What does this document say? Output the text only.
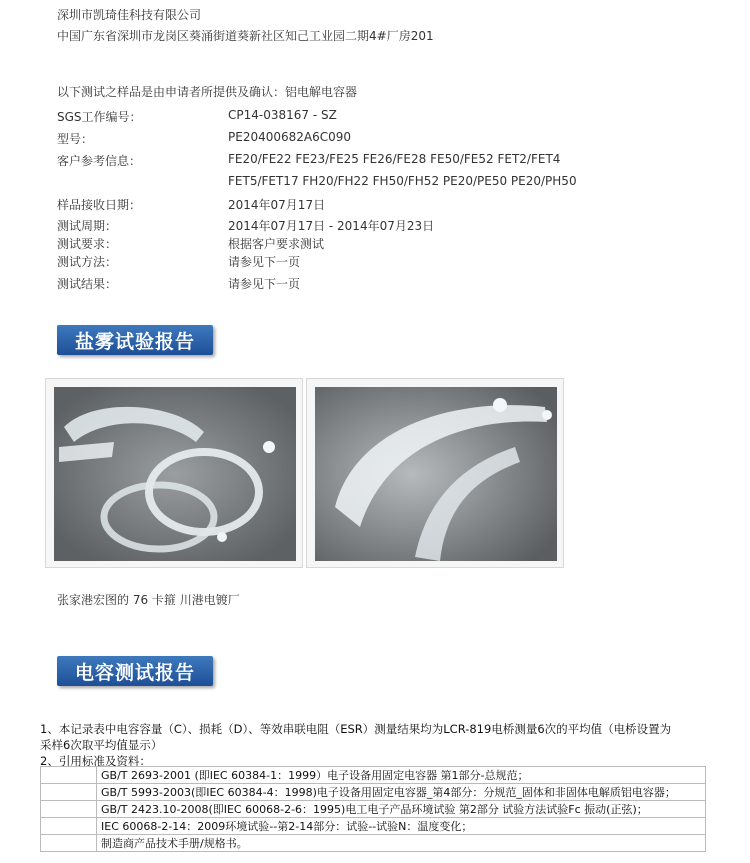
深圳市凯琦佳科技有限公司
中国广东省深圳市龙岗区葵涌街道葵新社区知己工业园二期4#厂房201
以下测试之样品是由申请者所提供及确认：铝电解电容器
SGS工作编号：	CP14-038167 - SZ
型号：	PE20400682A6C090
客户参考信息：	FE20/FE22 FE23/FE25 FE26/FE28 FE50/FE52 FET2/FET4
FET5/FET17 FH20/FH22 FH50/FH52 PE20/PE50 PE20/PH50
样品接收日期：	2014年07月17日
测试周期：	2014年07月17日 - 2014年07月23日
测试要求：	根据客户要求测试
测试方法：	请参见下一页
测试结果：	请参见下一页
盐雾试验报告
张家港宏图的 76 卡箍 川港电镀厂
电容测试报告
1、本记录表中电容容量（C）、损耗（D）、等效串联电阻（ESR）测量结果均为LCR-819电桥测量6次的平均值（电桥设置为
采样6次取平均值显示）
2、引用标准及资料：
	GB/T 2693-2001 (即IEC 60384-1：1999）电子设备用固定电容器 第1部分-总规范；
	GB/T 5993-2003(即IEC 60384-4：1998)电子设备用固定电容器_第4部分：分规范_固体和非固体电解质铝电容器；
	GB/T 2423.10-2008(即IEC 60068-2-6：1995)电工电子产品环境试验 第2部分 试验方法试验Fc 振动(正弦)；
	IEC 60068-2-14：2009环境试验--第2-14部分：试验--试验N：温度变化；
	制造商产品技术手册/规格书。
